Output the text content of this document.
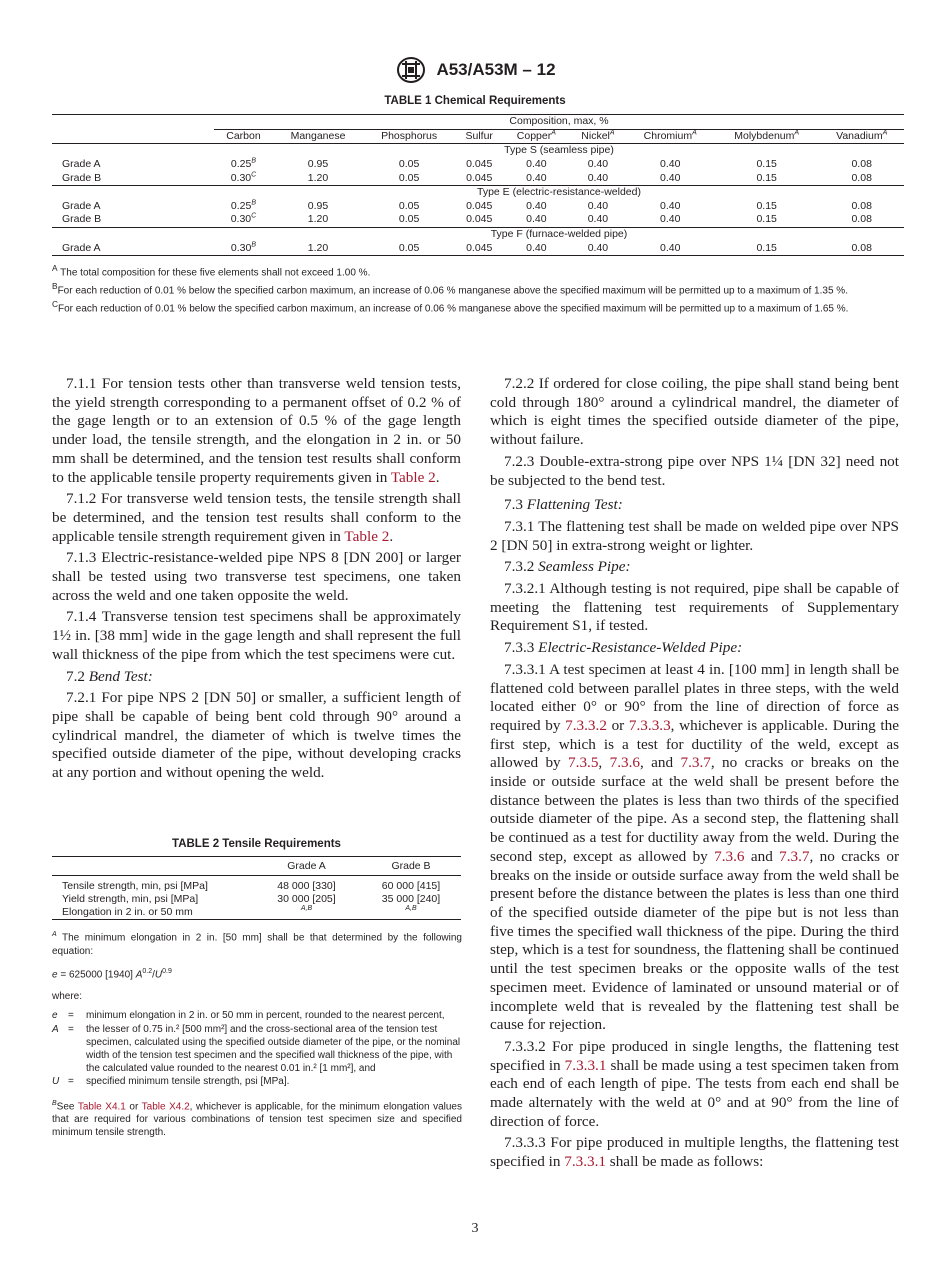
A53/A53M – 12
TABLE 1 Chemical Requirements
	Composition, max, %								
	Carbon	Manganese	Phosphorus	Sulfur	Copper$^A$	Nickel$^A$	Chromium$^A$	Molybdenum$^A$	Vanadium$^A$
	Type S (seamless pipe)								
Grade A	$0.25^B$	0.95	0.05	0.045	0.40	0.40	0.40	0.15	0.08
Grade B	$0.30^C$	1.20	0.05	0.045	0.40	0.40	0.40	0.15	0.08
	Type E (electric-resistance-welded)								
Grade A	$0.25^B$	0.95	0.05	0.045	0.40	0.40	0.40	0.15	0.08
Grade B	$0.30^C$	1.20	0.05	0.045	0.40	0.40	0.40	0.15	0.08
	Type F (furnace-welded pipe)								
Grade A	$0.30^B$	1.20	0.05	0.045	0.40	0.40	0.40	0.15	0.08

$^A$ The total composition for these five elements shall not exceed 1.00 %.

$^B$For each reduction of 0.01 % below the specified carbon maximum, an increase of 0.06 % manganese above the specified maximum will be permitted up to a maximum of 1.35 %.

$^C$For each reduction of 0.01 % below the specified carbon maximum, an increase of 0.06 % manganese above the specified maximum will be permitted up to a maximum of 1.65 %.

7.1.1 For tension tests other than transverse weld tension tests, the yield strength corresponding to a permanent offset of 0.2 % of the gage length or to an extension of 0.5 % of the gage length under load, the tensile strength, and the elongation in 2 in. or 50 mm shall be determined, and the tension test results shall conform to the applicable tensile property requirements given in Table 2.

7.1.2 For transverse weld tension tests, the tensile strength shall be determined, and the tension test results shall conform to the applicable tensile strength requirement given in Table 2.

7.1.3 Electric-resistance-welded pipe NPS 8 [DN 200] or larger shall be tested using two transverse test specimens, one taken across the weld and one taken opposite the weld.

7.1.4 Transverse tension test specimens shall be approximately 1½ in. [38 mm] wide in the gage length and shall represent the full wall thickness of the pipe from which the test specimens were cut.

7.2 Bend Test:

7.2.1 For pipe NPS 2 [DN 50] or smaller, a sufficient length of pipe shall be capable of being bent cold through 90° around a cylindrical mandrel, the diameter of which is twelve times the specified outside diameter of the pipe, without developing cracks at any portion and without opening the weld.

TABLE 2 Tensile Requirements
	Grade A	Grade B

Tensile strength, min, psi [MPa]	48 000 [330]	60 000 [415]
Yield strength, min, psi [MPa]	30 000 [205]	35 000 [240]
Elongation in 2 in. or 50 mm	A,B	A,B

$^A$ The minimum elongation in 2 in. [50 mm] shall be that determined by the following equation:

e = 625000 [1940] $A^{0.2}/U^{0.9}$

where:

e	=	minimum elongation in 2 in. or 50 mm in percent, rounded to the nearest percent,
A =	the lesser of 0.75 in.² [500 mm²] and the cross-sectional area of the tension test specimen, calculated using the specified outside diameter of the pipe, or the nominal width of the tension test specimen and the specified wall thickness of the pipe, with the calculated value rounded to the nearest 0.01 in.² [1 mm²], and
U =	specified minimum tensile strength, psi [MPa].

$^B$See Table X4.1 or Table X4.2, whichever is applicable, for the minimum elongation values that are required for various combinations of tension test specimen size and specified minimum tensile strength.

7.2.2 If ordered for close coiling, the pipe shall stand being bent cold through 180° around a cylindrical mandrel, the diameter of which is eight times the specified outside diameter of the pipe, without failure.

7.2.3 Double-extra-strong pipe over NPS 1¼ [DN 32] need not be subjected to the bend test.

7.3 Flattening Test:

7.3.1 The flattening test shall be made on welded pipe over NPS 2 [DN 50] in extra-strong weight or lighter.

7.3.2 Seamless Pipe:

7.3.2.1 Although testing is not required, pipe shall be capable of meeting the flattening test requirements of Supplementary Requirement S1, if tested.

7.3.3 Electric-Resistance-Welded Pipe:

7.3.3.1 A test specimen at least 4 in. [100 mm] in length shall be flattened cold between parallel plates in three steps, with the weld located either 0° or 90° from the line of direction of force as required by 7.3.3.2 or 7.3.3.3, whichever is applicable. During the first step, which is a test for ductility of the weld, except as allowed by 7.3.5, 7.3.6, and 7.3.7, no cracks or breaks on the inside or outside surface at the weld shall be present before the distance between the plates is less than two thirds of the specified outside diameter of the pipe. As a second step, the flattening shall be continued as a test for ductility away from the weld. During the second step, except as allowed by 7.3.6 and 7.3.7, no cracks or breaks on the inside or outside surface away from the weld shall be present before the distance between the plates is less than one third of the specified outside diameter of the pipe but is not less than five times the specified wall thickness of the pipe. During the third step, which is a test for soundness, the flattening shall be continued until the test specimen breaks or the opposite walls of the test specimen meet. Evidence of laminated or unsound material or of incomplete weld that is revealed by the flattening test shall be cause for rejection.

7.3.3.2 For pipe produced in single lengths, the flattening test specified in 7.3.3.1 shall be made using a test specimen taken from each end of each length of pipe. The tests from each end shall be made alternately with the weld at 0° and at 90° from the line of direction of force.

7.3.3.3 For pipe produced in multiple lengths, the flattening test specified in 7.3.3.1 shall be made as follows:

3
